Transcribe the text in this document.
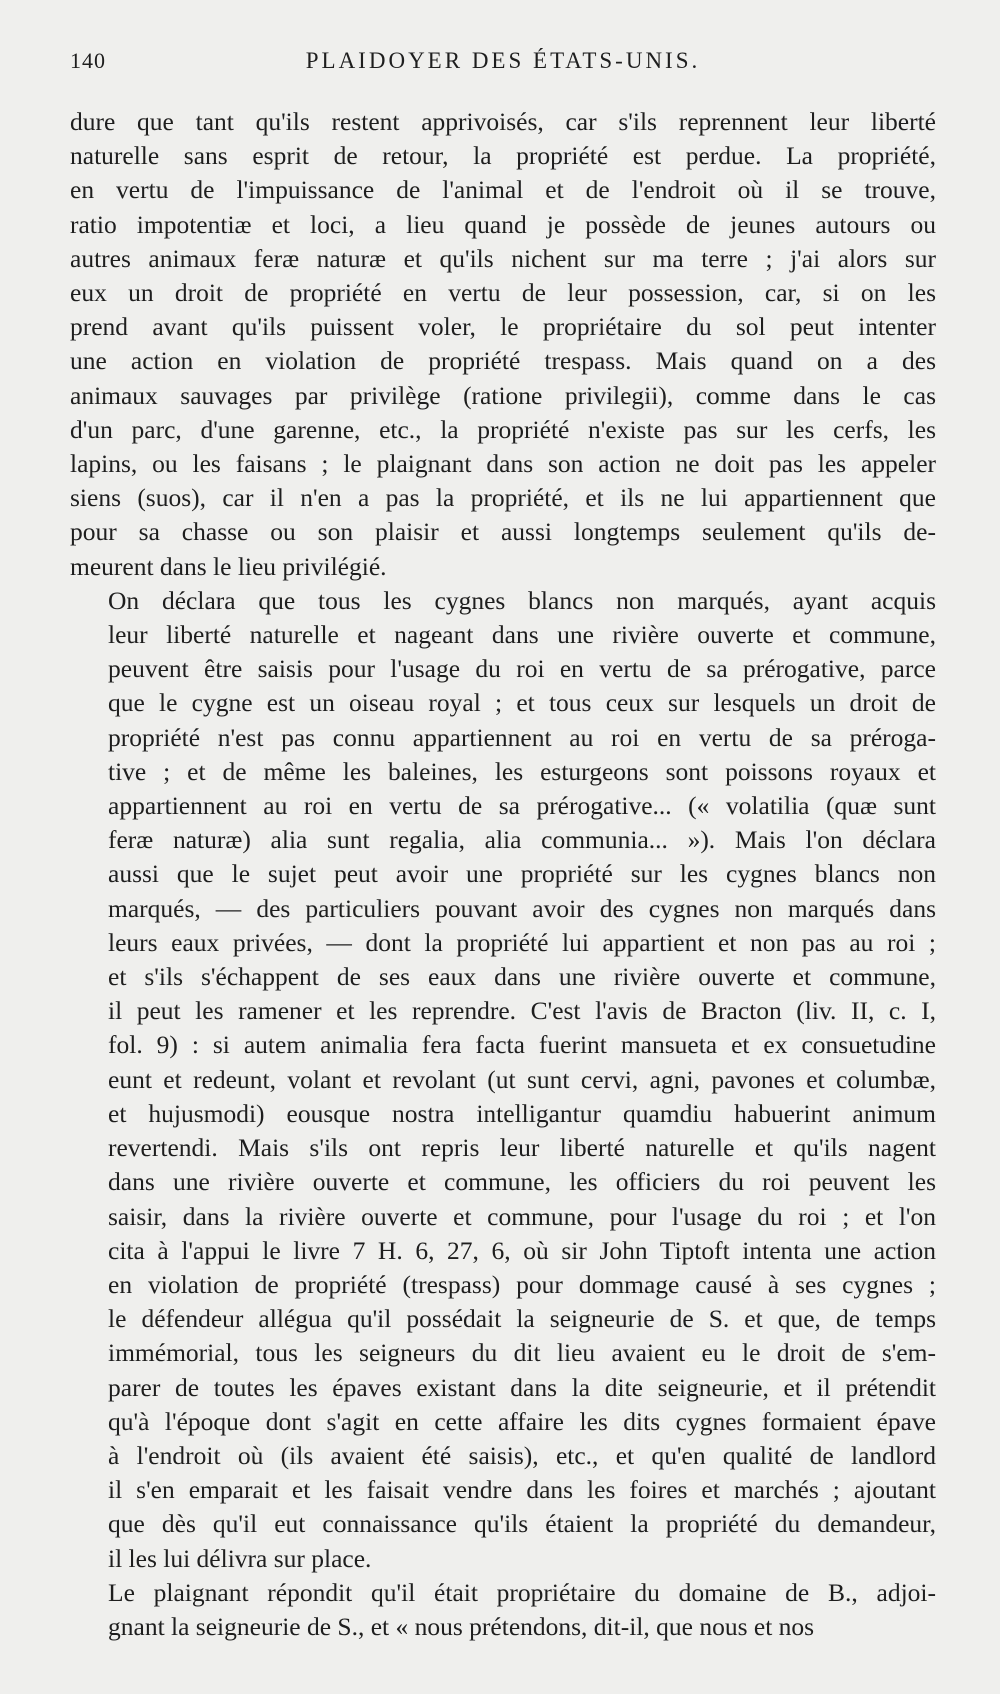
140	PLAIDOYER DES ÉTATS-UNIS.

dure que tant qu'ils restent apprivoisés, car s'ils reprennent leur liberté
naturelle sans esprit de retour, la propriété est perdue. La propriété,
en vertu de l'impuissance de l'animal et de l'endroit où il se trouve,
ratio impotentiæ et loci, a lieu quand je possède de jeunes autours ou
autres animaux feræ naturæ et qu'ils nichent sur ma terre ; j'ai alors sur
eux un droit de propriété en vertu de leur possession, car, si on les
prend avant qu'ils puissent voler, le propriétaire du sol peut intenter
une action en violation de propriété trespass. Mais quand on a des
animaux sauvages par privilège (ratione privilegii), comme dans le cas
d'un parc, d'une garenne, etc., la propriété n'existe pas sur les cerfs, les
lapins, ou les faisans ; le plaignant dans son action ne doit pas les appeler
siens (suos), car il n'en a pas la propriété, et ils ne lui appartiennent que
pour sa chasse ou son plaisir et aussi longtemps seulement qu'ils de-
meurent dans le lieu privilégié.

On déclara que tous les cygnes blancs non marqués, ayant acquis
leur liberté naturelle et nageant dans une rivière ouverte et commune,
peuvent être saisis pour l'usage du roi en vertu de sa prérogative, parce
que le cygne est un oiseau royal ; et tous ceux sur lesquels un droit de
propriété n'est pas connu appartiennent au roi en vertu de sa préroga-
tive ; et de même les baleines, les esturgeons sont poissons royaux et
appartiennent au roi en vertu de sa prérogative... (« volatilia (quæ sunt
feræ naturæ) alia sunt regalia, alia communia... »). Mais l'on déclara
aussi que le sujet peut avoir une propriété sur les cygnes blancs non
marqués, — des particuliers pouvant avoir des cygnes non marqués dans
leurs eaux privées, — dont la propriété lui appartient et non pas au roi ;
et s'ils s'échappent de ses eaux dans une rivière ouverte et commune,
il peut les ramener et les reprendre. C'est l'avis de Bracton (liv. II, c. I,
fol. 9) : si autem animalia fera facta fuerint mansueta et ex consuetudine
eunt et redeunt, volant et revolant (ut sunt cervi, agni, pavones et columbæ,
et hujusmodi) eousque nostra intelligantur quamdiu habuerint animum
revertendi. Mais s'ils ont repris leur liberté naturelle et qu'ils nagent
dans une rivière ouverte et commune, les officiers du roi peuvent les
saisir, dans la rivière ouverte et commune, pour l'usage du roi ; et l'on
cita à l'appui le livre 7 H. 6, 27, 6, où sir John Tiptoft intenta une action
en violation de propriété (trespass) pour dommage causé à ses cygnes ;
le défendeur allégua qu'il possédait la seigneurie de S. et que, de temps
immémorial, tous les seigneurs du dit lieu avaient eu le droit de s'em-
parer de toutes les épaves existant dans la dite seigneurie, et il prétendit
qu'à l'époque dont s'agit en cette affaire les dits cygnes formaient épave
à l'endroit où (ils avaient été saisis), etc., et qu'en qualité de landlord
il s'en emparait et les faisait vendre dans les foires et marchés ; ajoutant
que dès qu'il eut connaissance qu'ils étaient la propriété du demandeur,
il les lui délivra sur place.

Le plaignant répondit qu'il était propriétaire du domaine de B., adjoi-
gnant la seigneurie de S., et « nous prétendons, dit-il, que nous et nos
